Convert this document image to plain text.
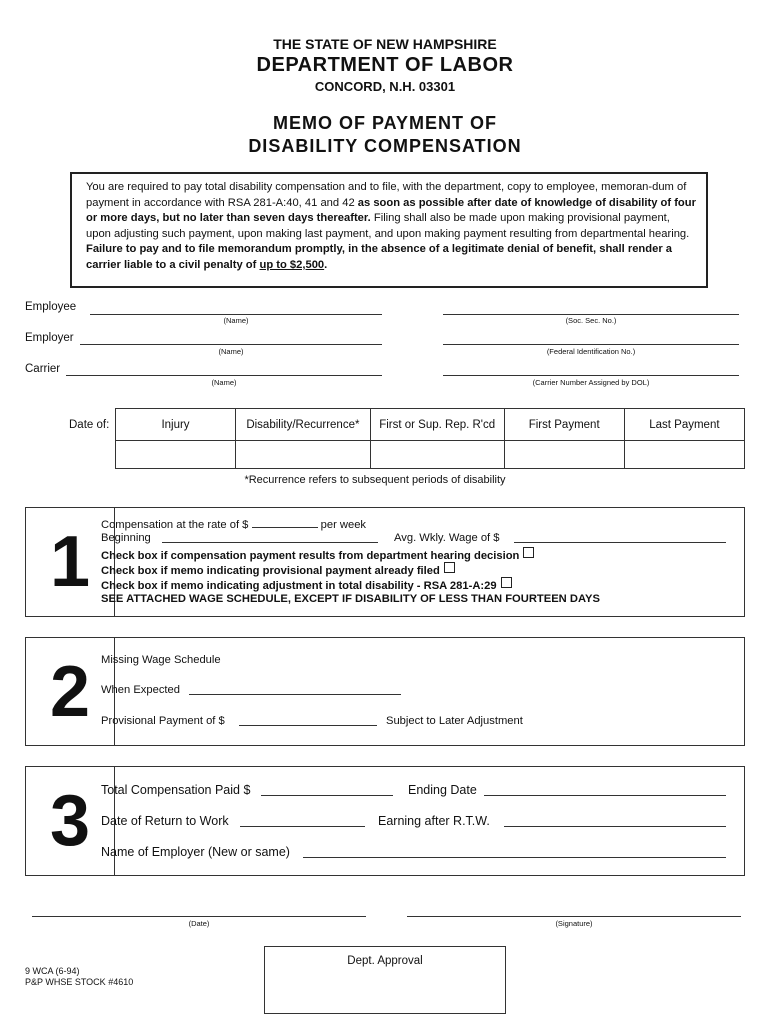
THE STATE OF NEW HAMPSHIRE
DEPARTMENT OF LABOR
CONCORD, N.H. 03301
MEMO OF PAYMENT OF
DISABILITY COMPENSATION
You are required to pay total disability compensation and to file, with the department, copy to employee, memoran-dum of payment in accordance with RSA 281-A:40, 41 and 42 as soon as possible after date of knowledge of disability of four or more days, but no later than seven days thereafter. Filing shall also be made upon making provisional payment, upon adjusting such payment, upon making last payment, and upon making payment resulting from departmental hearing. Failure to pay and to file memorandum promptly, in the absence of a legitimate denial of benefit, shall render a carrier liable to a civil penalty of up to $2,500.
Employee
(Name)	(Soc. Sec. No.)
Employer
(Name)	(Federal Identification No.)
Carrier
(Name)	(Carrier Number Assigned by DOL)
Date of:	Injury	Disability/Recurrence*	First or Sup. Rep. R'cd	First Payment	Last Payment

*Recurrence refers to subsequent periods of disability
1 Compensation at the rate of $	per week
Beginning	Avg. Wkly. Wage of $
Check box if compensation payment results from department hearing decision
Check box if memo indicating provisional payment already filed
Check box if memo indicating adjustment in total disability - RSA 281-A:29
SEE ATTACHED WAGE SCHEDULE, EXCEPT IF DISABILITY OF LESS THAN FOURTEEN DAYS
2 Missing Wage Schedule
When Expected
Provisional Payment of $	Subject to Later Adjustment
3 Total Compensation Paid $	Ending Date
Date of Return to Work	Earning after R.T.W.
Name of Employer (New or same)
(Date)	(Signature)
Dept. Approval
9 WCA (6-94)
P&P WHSE STOCK #4610
